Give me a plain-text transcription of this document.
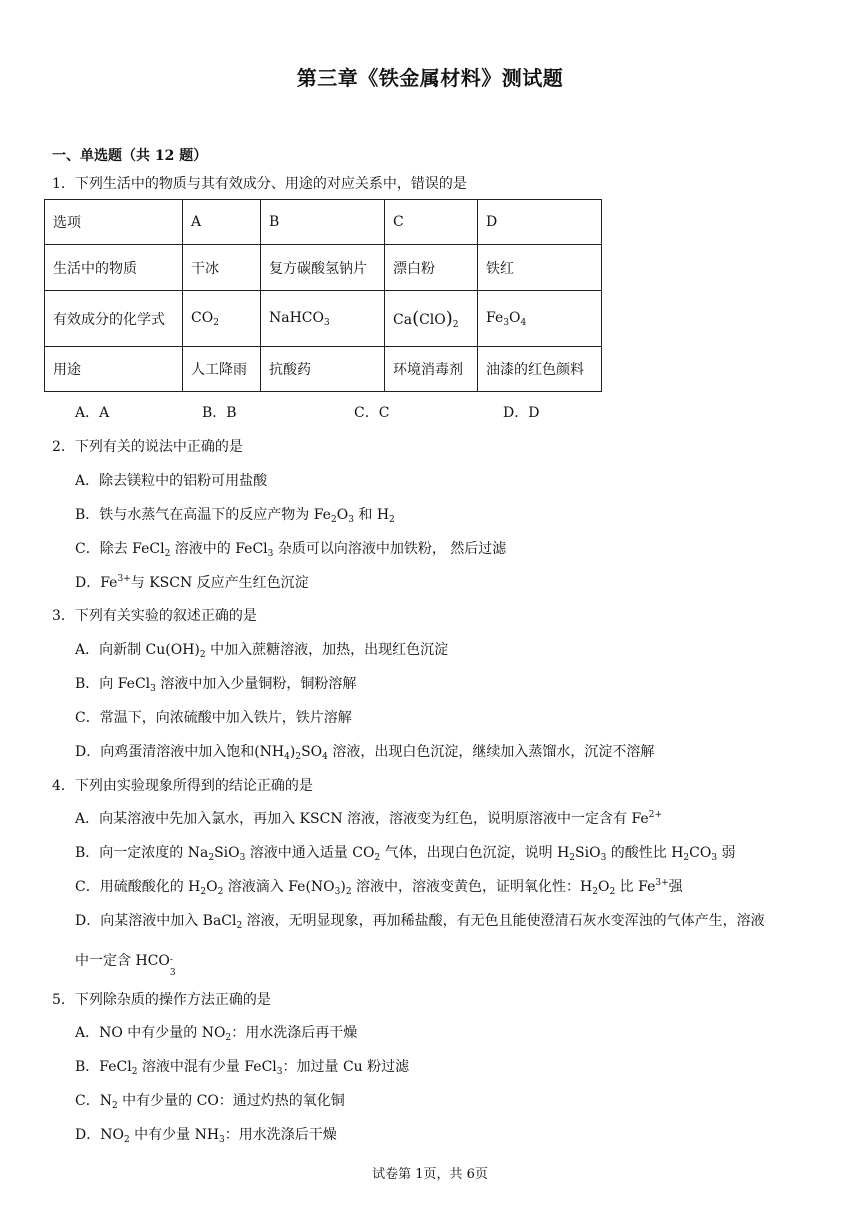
第三章《铁金属材料》测试题
一、单选题（共 12 题）
1．下列生活中的物质与其有效成分、用途的对应关系中，错误的是
选项	A	B	C	D
生活中的物质	干冰	复方碳酸氢钠片	漂白粉	铁红
有效成分的化学式	$CO_2$	NaHCO$_3$	$Ca(ClO)_2$	$Fe_3O_4$
用途	人工降雨	抗酸药	环境消毒剂	油漆的红色颜料
A．A	B．B	C．C	D．D
2．下列有关的说法中正确的是
A．除去镁粒中的铝粉可用盐酸
B．铁与水蒸气在高温下的反应产物为 $Fe_2O_3$ 和 $H_2$
C．除去 FeCl$_2$ 溶液中的 FeCl$_3$ 杂质可以向溶液中加铁粉， 然后过滤
D．$Fe^{3+}$与 KSCN 反应产生红色沉淀
3．下列有关实验的叙述正确的是
A．向新制 $Cu(OH)_2$ 中加入蔗糖溶液，加热，出现红色沉淀
B．向 FeCl$_3$ 溶液中加入少量铜粉，铜粉溶解
C．常温下，向浓硫酸中加入铁片，铁片溶解
D．向鸡蛋清溶液中加入饱和$(NH_4)_2SO_4$ 溶液，出现白色沉淀，继续加入蒸馏水，沉淀不溶解
4．下列由实验现象所得到的结论正确的是
A．向某溶液中先加入氯水，再加入 KSCN 溶液，溶液变为红色，说明原溶液中一定含有 $Fe^{2+}$
B．向一定浓度的 $Na_2SiO_3$ 溶液中通入适量 $CO_2$ 气体，出现白色沉淀，说明 $H_2SiO_3$ 的酸性比 $H_2CO_3$ 弱
C．用硫酸酸化的 $H_2O_2$ 溶液滴入 $Fe(NO_3)_2$ 溶液中，溶液变黄色，证明氧化性：$H_2O_2$ 比 $Fe^{3+}$强
D．向某溶液中加入 BaCl$_2$ 溶液，无明显现象，再加稀盐酸，有无色且能使澄清石灰水变浑浊的气体产生，溶液
中一定含 HCO -
3
5．下列除杂质的操作方法正确的是
A．NO 中有少量的 $NO_2$：用水洗涤后再干燥
B．FeCl$_2$ 溶液中混有少量 FeCl$_3$：加过量 Cu 粉过滤
C．$N_2$ 中有少量的 CO：通过灼热的氧化铜
D．$NO_2$ 中有少量 $NH_3$：用水洗涤后干燥
试卷第 1页，共 6页
